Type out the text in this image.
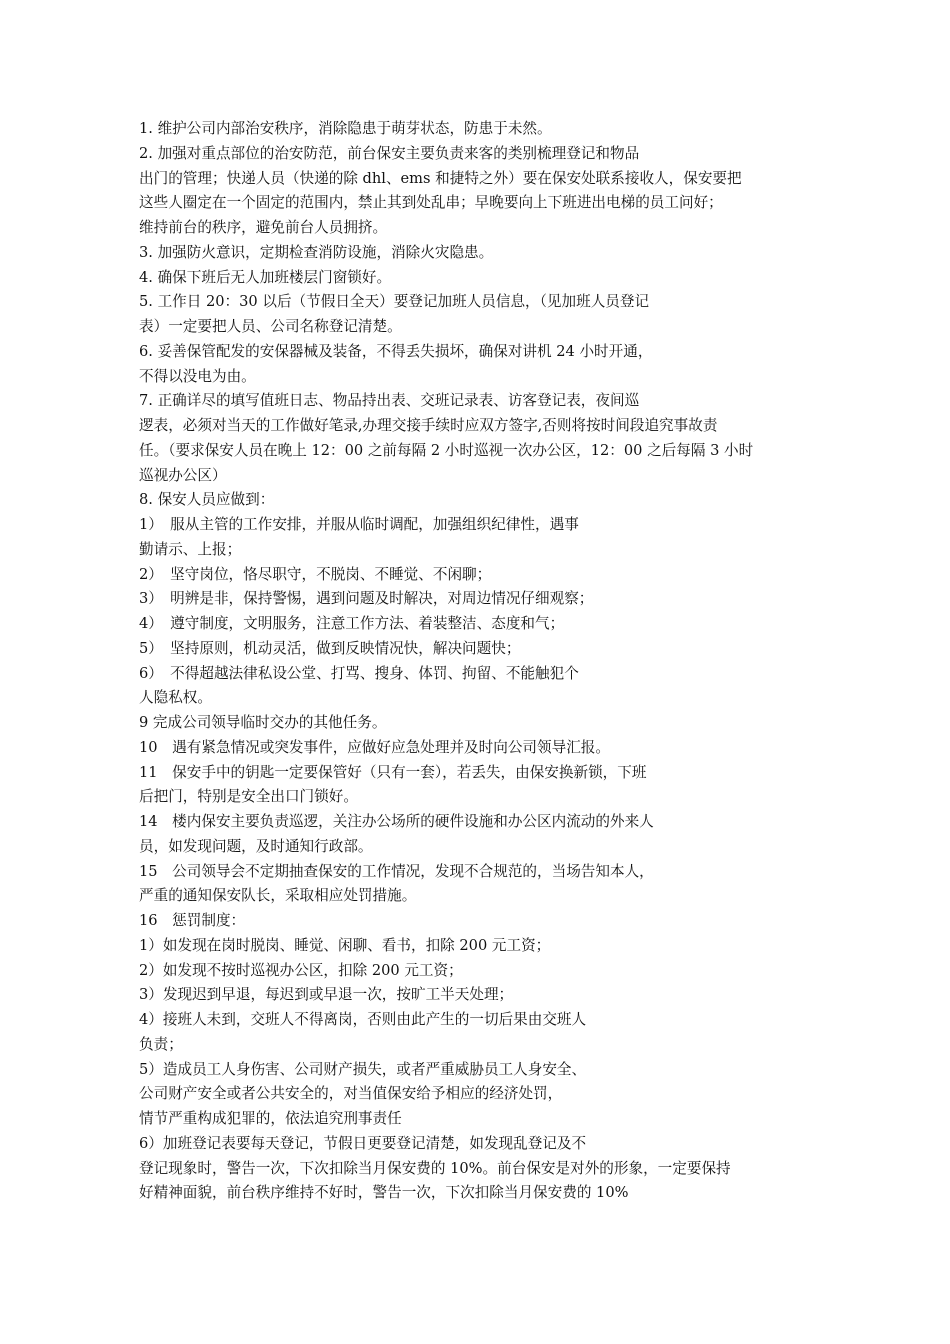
1. 维护公司内部治安秩序，消除隐患于萌芽状态，防患于未然。
2. 加强对重点部位的治安防范，前台保安主要负责来客的类别梳理登记和物品
出门的管理；快递人员（快递的除 dhl、ems 和捷特之外）要在保安处联系接收人，保安要把
这些人圈定在一个固定的范围内，禁止其到处乱串；早晚要向上下班进出电梯的员工问好；
维持前台的秩序，避免前台人员拥挤。
3. 加强防火意识，定期检查消防设施，消除火灾隐患。
4. 确保下班后无人加班楼层门窗锁好。
5. 工作日 20：30 以后（节假日全天）要登记加班人员信息，（见加班人员登记
表）一定要把人员、公司名称登记清楚。
6. 妥善保管配发的安保器械及装备，不得丢失损坏，确保对讲机 24 小时开通，
不得以没电为由。
7. 正确详尽的填写值班日志、物品持出表、交班记录表、访客登记表，夜间巡
逻表，必须对当天的工作做好笔录,办理交接手续时应双方签字,否则将按时间段追究事故责
任。（要求保安人员在晚上 12：00 之前每隔 2 小时巡视一次办公区，12：00 之后每隔 3 小时
巡视办公区）
8. 保安人员应做到：
1）　服从主管的工作安排，并服从临时调配，加强组织纪律性，遇事
勤请示、上报；
2）　坚守岗位，恪尽职守，不脱岗、不睡觉、不闲聊；
3）　明辨是非，保持警惕，遇到问题及时解决，对周边情况仔细观察；
4）　遵守制度，文明服务，注意工作方法、着装整洁、态度和气；
5）　坚持原则，机动灵活，做到反映情况快，解决问题快；
6）　不得超越法律私设公堂、打骂、搜身、体罚、拘留、不能触犯个
人隐私权。
9 完成公司领导临时交办的其他任务。
10　遇有紧急情况或突发事件，应做好应急处理并及时向公司领导汇报。
11　保安手中的钥匙一定要保管好（只有一套），若丢失，由保安换新锁，下班
后把门，特别是安全出口门锁好。
14　楼内保安主要负责巡逻，关注办公场所的硬件设施和办公区内流动的外来人
员，如发现问题，及时通知行政部。
15　公司领导会不定期抽查保安的工作情况，发现不合规范的，当场告知本人，
严重的通知保安队长，采取相应处罚措施。
16　惩罚制度：
1）如发现在岗时脱岗、睡觉、闲聊、看书，扣除 200 元工资；
2）如发现不按时巡视办公区，扣除 200 元工资；
3）发现迟到早退，每迟到或早退一次，按旷工半天处理；
4）接班人未到，交班人不得离岗，否则由此产生的一切后果由交班人
负责；
5）造成员工人身伤害、公司财产损失，或者严重威胁员工人身安全、
公司财产安全或者公共安全的，对当值保安给予相应的经济处罚，
情节严重构成犯罪的，依法追究刑事责任
6）加班登记表要每天登记，节假日更要登记清楚，如发现乱登记及不
登记现象时，警告一次，下次扣除当月保安费的 10%。前台保安是对外的形象，一定要保持
好精神面貌，前台秩序维持不好时，警告一次，下次扣除当月保安费的 10%
